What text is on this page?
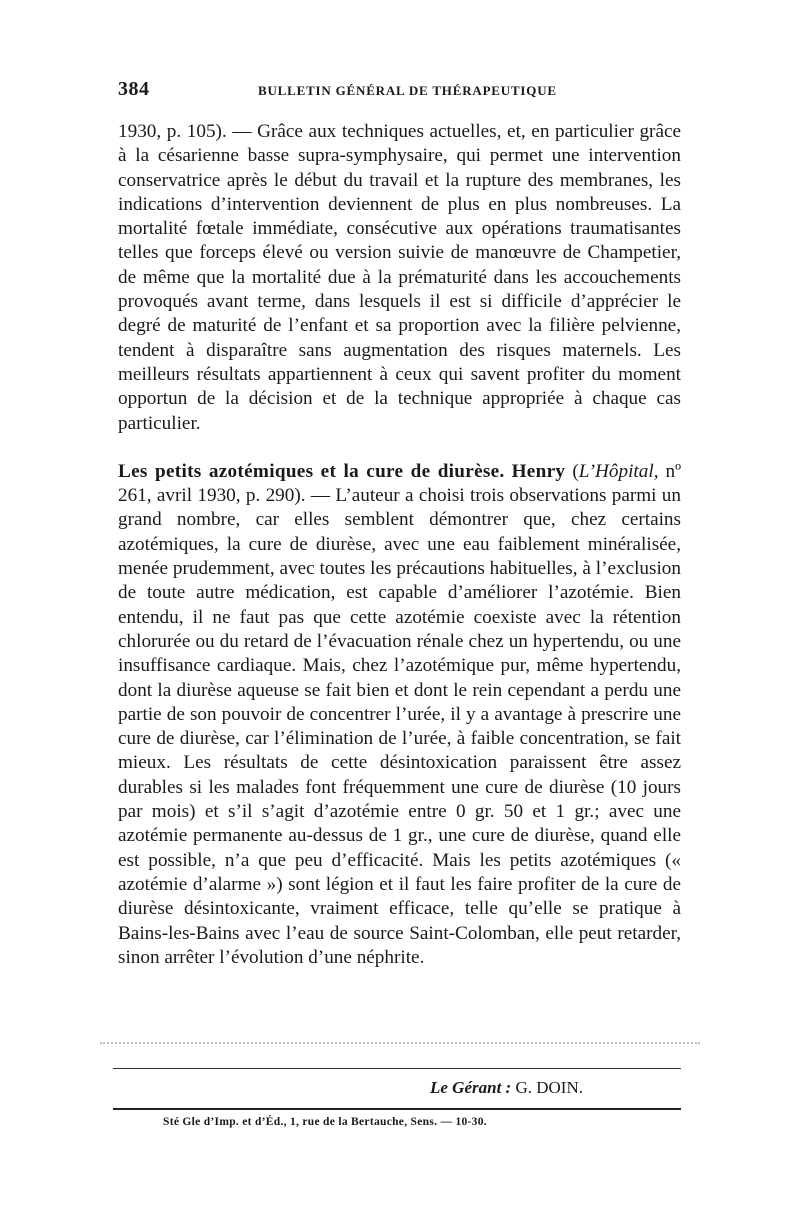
384	BULLETIN GÉNÉRAL DE THÉRAPEUTIQUE

1930, p. 105). — Grâce aux techniques actuelles, et, en particulier grâce à la césarienne basse supra-symphysaire, qui permet une intervention conservatrice après le début du travail et la rupture des membranes, les indications d’intervention deviennent de plus en plus nombreuses. La mortalité fœtale immédiate, consécutive aux opérations traumatisantes telles que forceps élevé ou version suivie de manœuvre de Champetier, de même que la mortalité due à la prématurité dans les accouchements provoqués avant terme, dans lesquels il est si difficile d’apprécier le degré de maturité de l’enfant et sa proportion avec la filière pelvienne, tendent à disparaître sans augmentation des risques maternels. Les meilleurs résultats appartiennent à ceux qui savent profiter du moment opportun de la décision et de la technique appropriée à chaque cas particulier.

Les petits azotémiques et la cure de diurèse. Henry (L’Hôpital, nº 261, avril 1930, p. 290). — L’auteur a choisi trois observations parmi un grand nombre, car elles semblent démontrer que, chez certains azotémiques, la cure de diurèse, avec une eau faiblement minéralisée, menée prudemment, avec toutes les précautions habituelles, à l’exclusion de toute autre médication, est capable d’améliorer l’azotémie. Bien entendu, il ne faut pas que cette azotémie coexiste avec la rétention chlorurée ou du retard de l’évacuation rénale chez un hypertendu, ou une insuffisance cardiaque. Mais, chez l’azotémique pur, même hypertendu, dont la diurèse aqueuse se fait bien et dont le rein cependant a perdu une partie de son pouvoir de concentrer l’urée, il y a avantage à prescrire une cure de diurèse, car l’élimination de l’urée, à faible concentration, se fait mieux. Les résultats de cette désintoxication paraissent être assez durables si les malades font fréquemment une cure de diurèse (10 jours par mois) et s’il s’agit d’azotémie entre 0 gr. 50 et 1 gr.; avec une azotémie permanente au-dessus de 1 gr., une cure de diurèse, quand elle est possible, n’a que peu d’efficacité. Mais les petits azotémiques (« azotémie d’alarme ») sont légion et il faut les faire profiter de la cure de diurèse désintoxicante, vraiment efficace, telle qu’elle se pratique à Bains-les-Bains avec l’eau de source Saint-Colomban, elle peut retarder, sinon arrêter l’évolution d’une néphrite.

Le Gérant : G. DOIN.
Sté Gle d’Imp. et d’Éd., 1, rue de la Bertauche, Sens. — 10-30.
